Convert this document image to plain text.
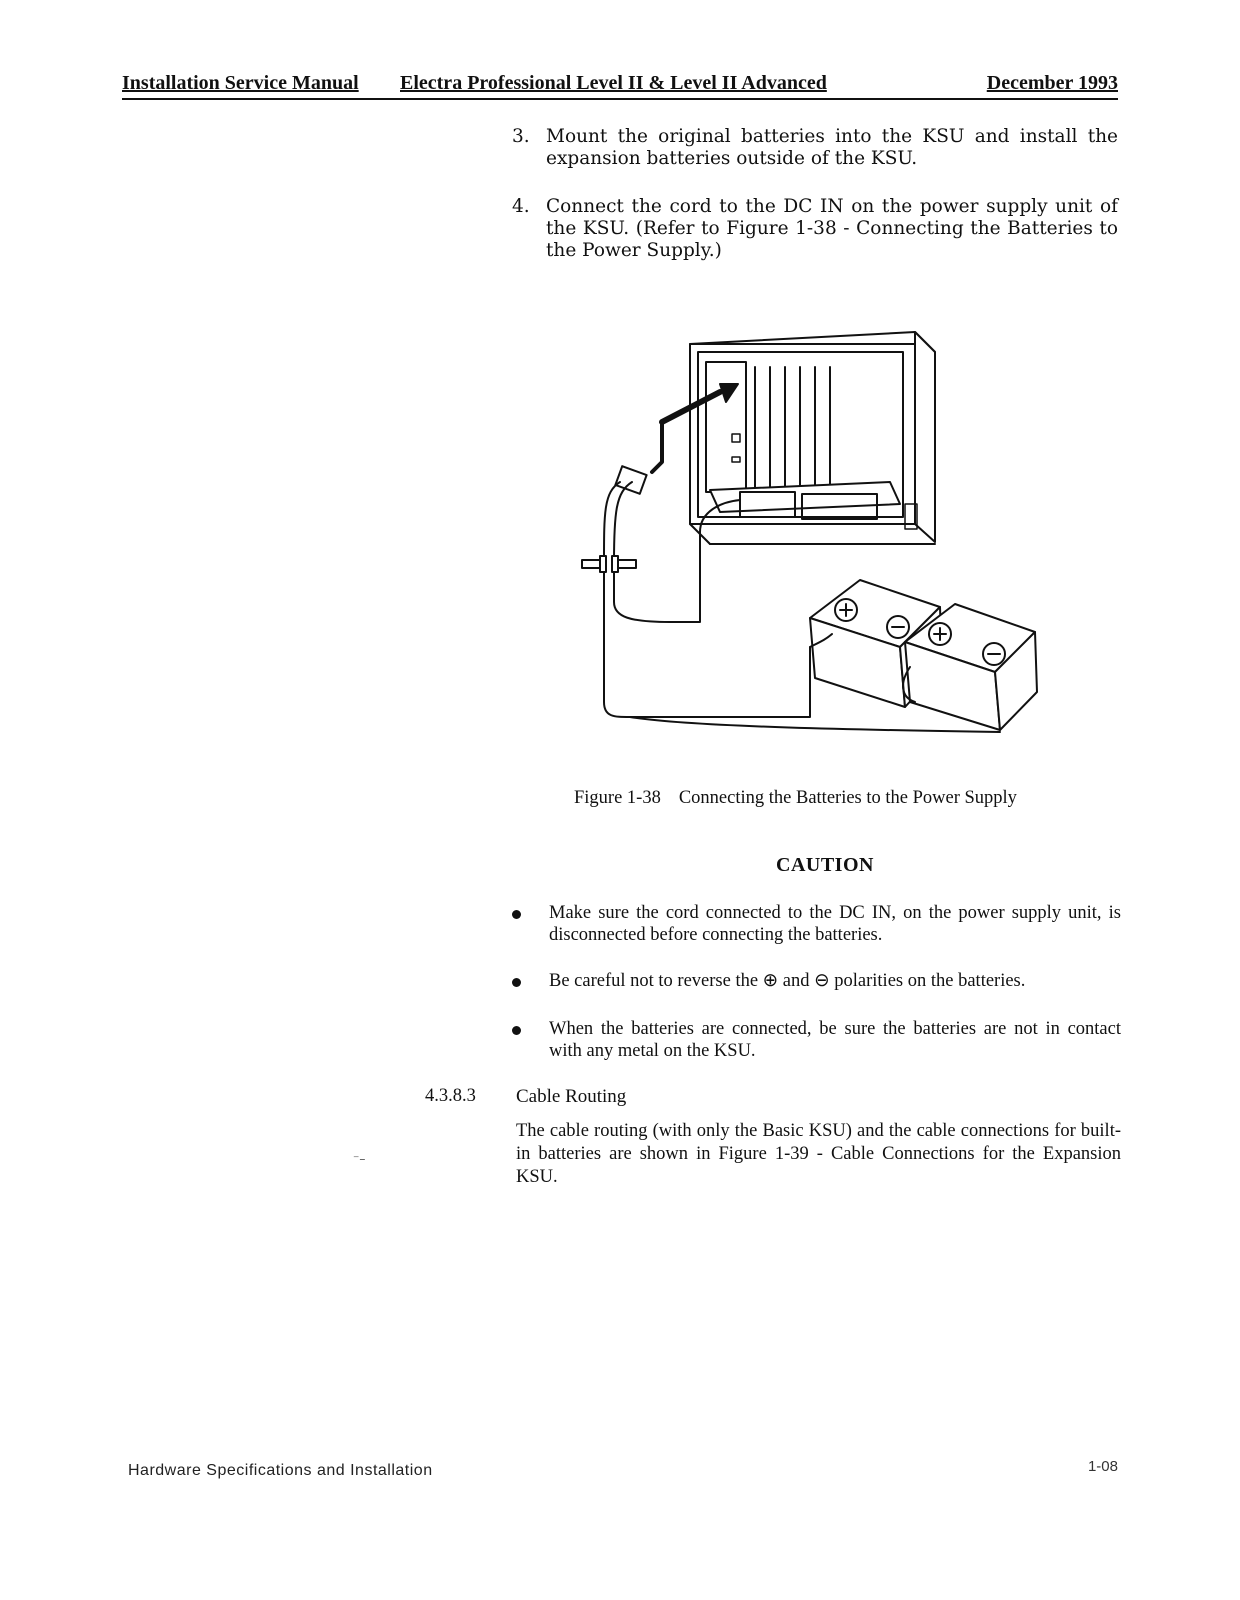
Installation Service Manual Electra Professional Level II & Level II Advanced	December 1993
3. Mount the original batteries into the KSU and install the expansion batteries outside of the KSU.
4. Connect the cord to the DC IN on the power supply unit of the KSU. (Refer to Figure 1-38 - Connecting the Batteries to the Power Supply.)
Figure 1-38 Connecting the Batteries to the Power Supply
CAUTION
Make sure the cord connected to the DC IN, on the power supply unit, is disconnected before connecting the batteries.
Be careful not to reverse the ⊕ and ⊖ polarities on the batteries.
When the batteries are connected, be sure the batteries are not in contact with any metal on the KSU.
4.3.8.3 Cable Routing
The cable routing (with only the Basic KSU) and the cable connections for built-in batteries are shown in Figure 1-39 - Cable Connections for the Expansion KSU.
⁻–
Hardware Specifications and Installation	1-08
